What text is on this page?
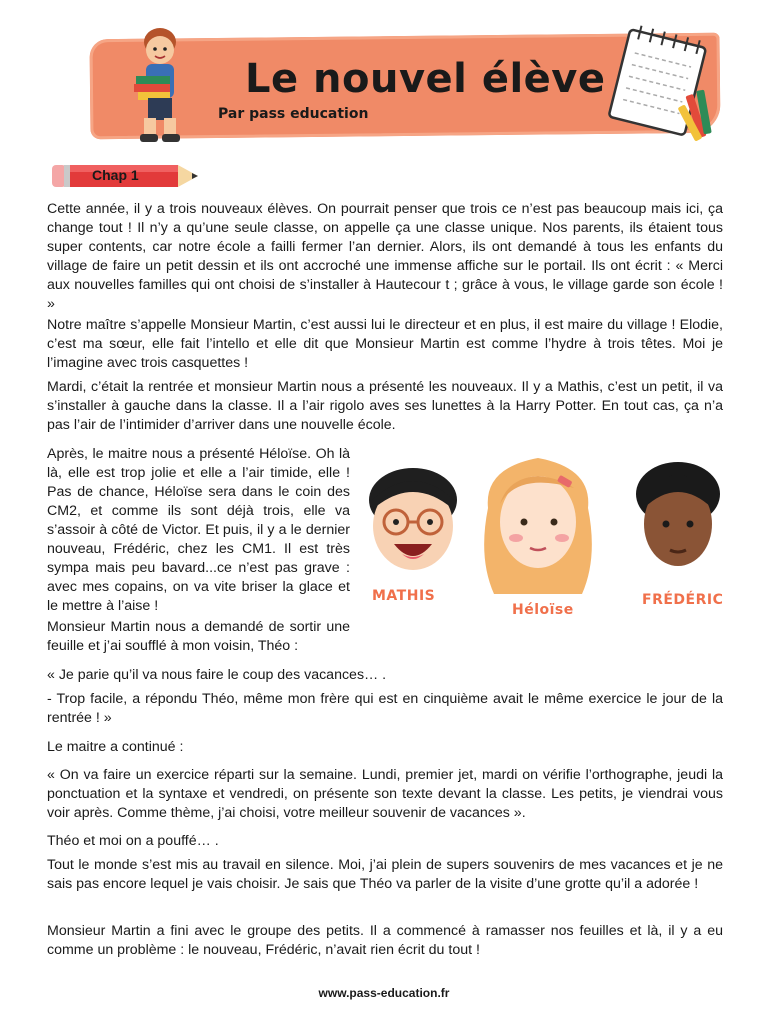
Le nouvel élève
Par pass education
Chap 1

Cette année, il y a trois nouveaux élèves. On pourrait penser que trois ce n’est pas beaucoup mais ici, ça change tout ! Il n’y a qu’une seule classe, on appelle ça une classe unique. Nos parents, ils étaient tous super contents, car notre école a failli fermer l’an dernier. Alors, ils ont demandé à tous les enfants du village de faire un petit dessin et ils ont accroché une immense affiche sur le portail. Ils ont écrit : « Merci aux nouvelles familles qui ont choisi de s’installer à Hautecour t ; grâce à vous, le village garde son école ! »

Notre maître s’appelle Monsieur Martin, c’est aussi lui le directeur et en plus, il est maire du village ! Elodie, c’est ma sœur, elle fait l’intello et elle dit que Monsieur Martin est comme l’hydre à trois têtes. Moi je l’imagine avec trois casquettes !

Mardi, c’était la rentrée et monsieur Martin nous a présenté les nouveaux. Il y a Mathis, c’est un petit, il va s’installer à gauche dans la classe. Il a l’air rigolo aves ses lunettes à la Harry Potter. En tout cas, ça n’a pas l’air de l’intimider d’arriver dans une nouvelle école.

Après, le maitre nous a présenté Héloïse. Oh là là, elle est trop jolie et elle a l’air timide, elle ! Pas de chance, Héloïse sera dans le coin des CM2, et comme ils sont déjà trois, elle va s’assoir à côté de Victor. Et puis, il y a le dernier nouveau, Frédéric, chez les CM1. Il est très sympa mais peu bavard...ce n’est pas grave : avec mes copains, on va vite briser la glace et le mettre à l’aise !

Monsieur Martin nous a demandé de sortir une feuille et j’ai soufflé à mon voisin, Théo :

« Je parie qu’il va nous faire le coup des vacances… .

- Trop facile, a répondu Théo, même mon frère qui est en cinquième avait le même exercice le jour de la rentrée ! »

Le maitre a continué :

« On va faire un exercice réparti sur la semaine. Lundi, premier jet, mardi on vérifie l’orthographe, jeudi la ponctuation et la syntaxe et vendredi, on présente son texte devant la classe. Les petits, je viendrai vous voir après. Comme thème, j’ai choisi, votre meilleur souvenir de vacances ».

Théo et moi on a pouffé… .

Tout le monde s’est mis au travail en silence. Moi, j’ai plein de supers souvenirs de mes vacances et je ne sais pas encore lequel je vais choisir. Je sais que Théo va parler de la visite d’une grotte qu’il a adorée !

Monsieur Martin a fini avec le groupe des petits. Il a commencé à ramasser nos feuilles et là, il y a eu comme un problème : le nouveau, Frédéric, n’avait rien écrit du tout !

MATHIS
Héloïse
FRÉDÉRIC
www.pass-education.fr
